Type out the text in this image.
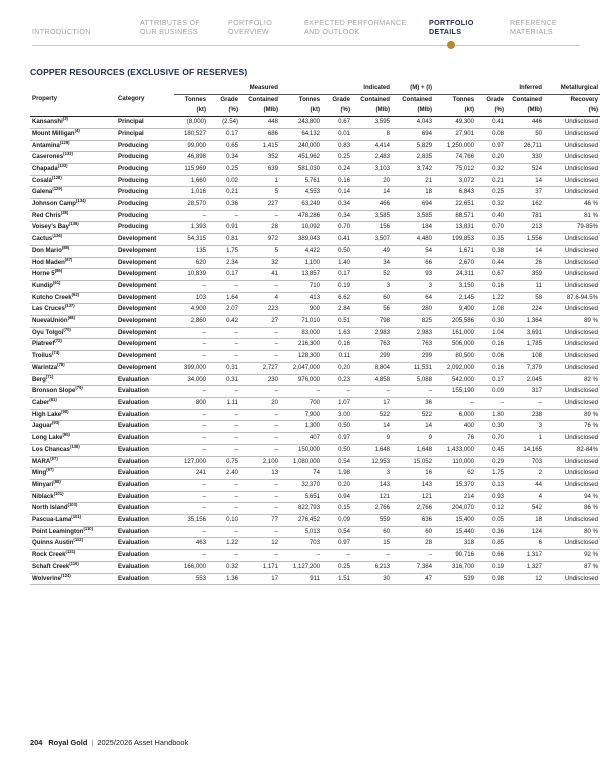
INTRODUCTION
ATTRIBUTES OF
OUR BUSINESS
PORTFOLIO
OVERVIEW
EXPECTED PERFORMANCE
AND OUTLOOK
PORTFOLIO
DETAILS
REFERENCE
MATERIALS
COPPER RESOURCES (EXCLUSIVE OF RESERVES)
		Measured			Indicated			(M) + (I)	Inferred			Metallurgical
Property	Category	Tonnes	Grade	Contained	Tonnes	Grade	Contained	Contained	Tonnes	Grade	Contained	Recovery
		(kt)	(%)	(Mlb)	(kt)	(%)	(Mlb)	(Mlb)	(kt)	(%)	(Mlb)	(%)
Kansanshi$^{(3)}$	Principal	(8,000)	(2.54)	448	243,800	0.67	3,595	4,043	49,300	0.41	446	Undisclosed
Mount Milligan$^{(4)}$	Principal	180,527	0.17	686	64,132	0.01	8	694	27,901	0.08	50	Undisclosed
Antamina$^{(129)}$	Producing	99,000	0.65	1,415	240,000	0.83	4,414	5,829	1,250,000	0.97	26,711	Undisclosed
Caserones$^{(132)}$	Producing	46,898	0.34	352	451,962	0.25	2,483	2,835	74,766	0.20	330	Undisclosed
Chapada$^{(133)}$	Producing	115,969	0.25	639	581,030	0.24	3,103	3,742	75,012	0.32	524	Undisclosed
Cosalá$^{(128)}$	Producing	1,660	0.02	1	5,761	0.16	20	21	3,072	0.21	14	Undisclosed
Galena$^{(129)}$	Producing	1,016	0.21	5	4,553	0.14	14	18	6,843	0.25	37	Undisclosed
Johnson Camp$^{(134)}$	Producing	28,570	0.36	227	63,249	0.34	466	694	22,651	0.32	162	46 %
Red Chris$^{(38)}$	Producing	–	–	–	478,286	0.34	3,585	3,585	88,571	0.40	781	81 %
Voisey's Bay$^{(136)}$	Producing	1,393	0.91	28	10,092	0.70	156	184	13,831	0.70	213	79-85%
Cactus$^{(136)}$	Development	54,315	0.81	972	389,043	0.41	3,507	4,480	199,853	0.35	1,556	Undisclosed
Don Mario$^{(88)}$	Development	135	1.75	5	4,422	0.50	49	54	1,671	0.38	14	Undisclosed
Hod Maden$^{(87)}$	Development	620	2.34	32	1,100	1.40	34	66	2,670	0.44	26	Undisclosed
Horne 5$^{(86)}$	Development	10,839	0.17	41	13,857	0.17	52	93	24,311	0.67	359	Undisclosed
Kundip$^{(61)}$	Development	–	–	–	710	0.19	3	3	3,150	0.16	11	Undisclosed
Kutcho Creek$^{(62)}$	Development	103	1.64	4	413	6.62	60	64	2,145	1.22	58	87.6-94.5%
Las Cruces$^{(137)}$	Development	4,900	2.07	223	900	2.84	56	280	9,400	1.08	224	Undisclosed
NuevaUnión$^{(68)}$	Development	2,860	0.42	27	71,010	0.51	798	825	205,586	0.30	1,364	89 %
Oyu Tolgoi$^{(70)}$	Development	–	–	–	83,000	1.63	2,983	2,983	161,000	1.04	3,691	Undisclosed
Platreef$^{(72)}$	Development	–	–	–	216,300	0.16	763	763	506,000	0.16	1,785	Undisclosed
Troilus$^{(74)}$	Development	–	–	–	128,300	0.11	299	299	80,500	0.06	108	Undisclosed
Warintza$^{(78)}$	Development	399,000	0.31	2,727	2,047,000	0.20	8,804	11,531	2,092,000	0.16	7,379	Undisclosed
Berg$^{(71)}$	Evaluation	34,000	0.31	230	976,000	0.23	4,858	5,088	542,000	0.17	2,045	82 %
Bronson Slope$^{(79)}$	Evaluation	–	–	–	–	–	–	–	155,190	0.09	317	Undisclosed
Caber$^{(81)}$	Evaluation	800	1.11	20	700	1.07	17	36	–	–	–	Undisclosed
High Lake$^{(90)}$	Evaluation	–	–	–	7,900	3.00	522	522	6,000	1.80	238	89 %
Jaguar$^{(93)}$	Evaluation	–	–	–	1,300	0.50	14	14	400	0.30	3	76 %
Long Lake$^{(95)}$	Evaluation	–	–	–	407	0.97	9	9	76	0.70	1	Undisclosed
Los Chancas$^{(138)}$	Evaluation	–	–	–	150,000	0.50	1,648	1,648	1,433,000	0.45	14,165	82-84%
MARA$^{(97)}$	Evaluation	127,000	0.75	2,100	1,080,000	0.54	12,953	15,052	110,000	0.29	703	Undisclosed
Ming$^{(97)}$	Evaluation	241	2.40	13	74	1.98	3	16	62	1.75	2	Undisclosed
Minyari$^{(98)}$	Evaluation	–	–	–	32,370	0.20	143	143	15,370	0.13	44	Undisclosed
Niblack$^{(101)}$	Evaluation	–	–	–	5,651	0.94	121	121	214	0.93	4	94 %
North Island$^{(103)}$	Evaluation	–	–	–	822,793	0.15	2,766	2,766	204,070	0.12	542	86 %
Pascua-Lama$^{(101)}$	Evaluation	35,156	0.10	77	276,452	0.09	559	636	15,400	0.05	18	Undisclosed
Point Leamington$^{(110)}$	Evaluation	–	–	–	5,013	0.54	60	60	15,440	0.36	124	80 %
Quinns Austin$^{(112)}$	Evaluation	463	1.22	12	703	0.97	15	28	318	0.85	6	Undisclosed
Rock Creek$^{(131)}$	Evaluation	–	–	–	–	–	–	–	90,716	0.66	1,317	92 %
Schaft Creek$^{(116)}$	Evaluation	166,000	0.32	1,171	1,127,200	0.25	6,213	7,384	316,700	0.19	1,327	87 %
Wolverine$^{(124)}$	Evaluation	553	1.36	17	911	1.51	30	47	539	0.98	12	Undisclosed
204 Royal Gold | 2025/2026 Asset Handbook
